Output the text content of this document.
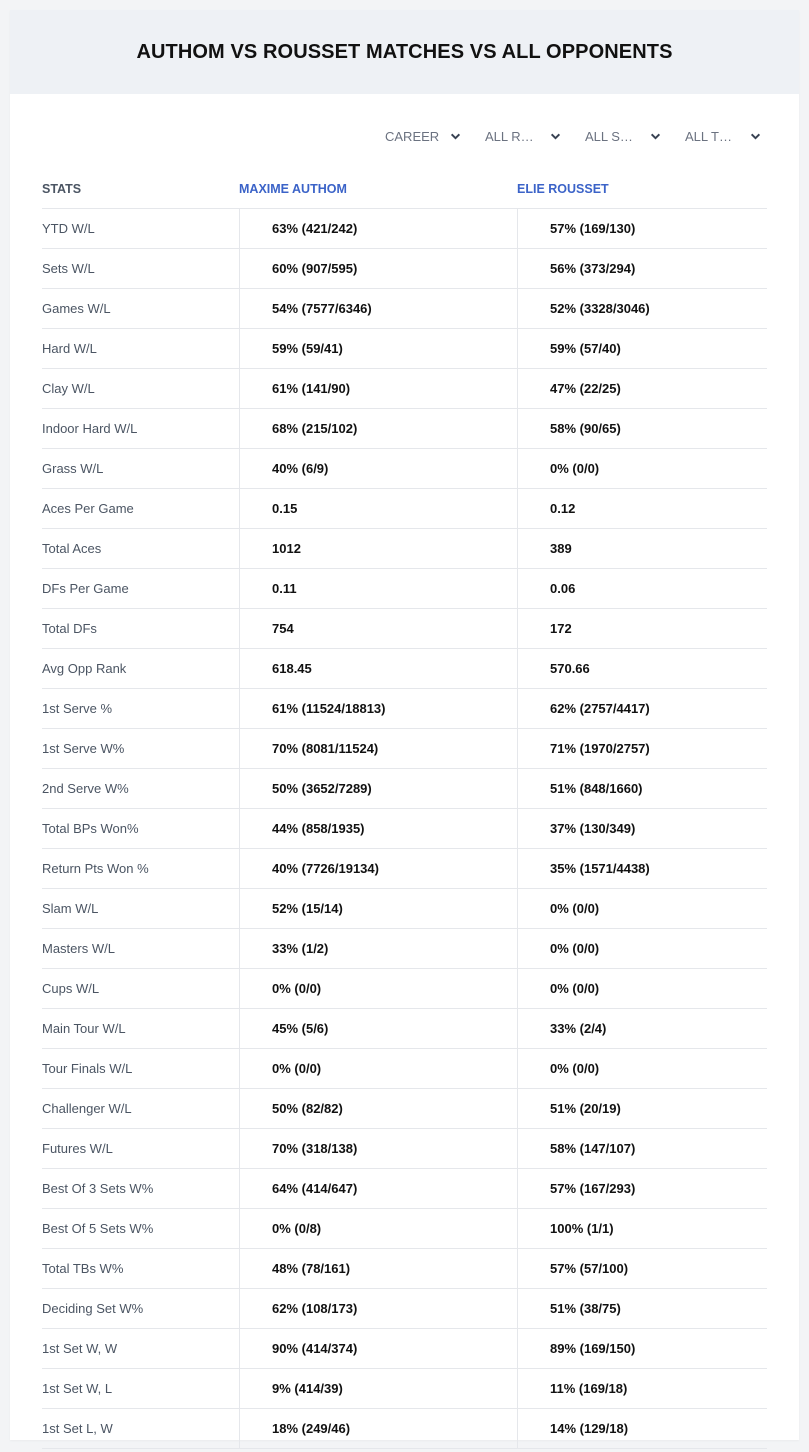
AUTHOM VS ROUSSET MATCHES VS ALL OPPONENTS
CAREER	ALL R…	ALL S…	ALL T…
STATS	MAXIME AUTHOM	ELIE ROUSSET
YTD W/L	63% (421/242)	57% (169/130)
Sets W/L	60% (907/595)	56% (373/294)
Games W/L	54% (7577/6346)	52% (3328/3046)
Hard W/L	59% (59/41)	59% (57/40)
Clay W/L	61% (141/90)	47% (22/25)
Indoor Hard W/L	68% (215/102)	58% (90/65)
Grass W/L	40% (6/9)	0% (0/0)
Aces Per Game	0.15	0.12
Total Aces	1012	389
DFs Per Game	0.11	0.06
Total DFs	754	172
Avg Opp Rank	618.45	570.66
1st Serve %	61% (11524/18813)	62% (2757/4417)
1st Serve W%	70% (8081/11524)	71% (1970/2757)
2nd Serve W%	50% (3652/7289)	51% (848/1660)
Total BPs Won%	44% (858/1935)	37% (130/349)
Return Pts Won %	40% (7726/19134)	35% (1571/4438)
Slam W/L	52% (15/14)	0% (0/0)
Masters W/L	33% (1/2)	0% (0/0)
Cups W/L	0% (0/0)	0% (0/0)
Main Tour W/L	45% (5/6)	33% (2/4)
Tour Finals W/L	0% (0/0)	0% (0/0)
Challenger W/L	50% (82/82)	51% (20/19)
Futures W/L	70% (318/138)	58% (147/107)
Best Of 3 Sets W%	64% (414/647)	57% (167/293)
Best Of 5 Sets W%	0% (0/8)	100% (1/1)
Total TBs W%	48% (78/161)	57% (57/100)
Deciding Set W%	62% (108/173)	51% (38/75)
1st Set W, W	90% (414/374)	89% (169/150)
1st Set W, L	9% (414/39)	11% (169/18)
1st Set L, W	18% (249/46)	14% (129/18)
